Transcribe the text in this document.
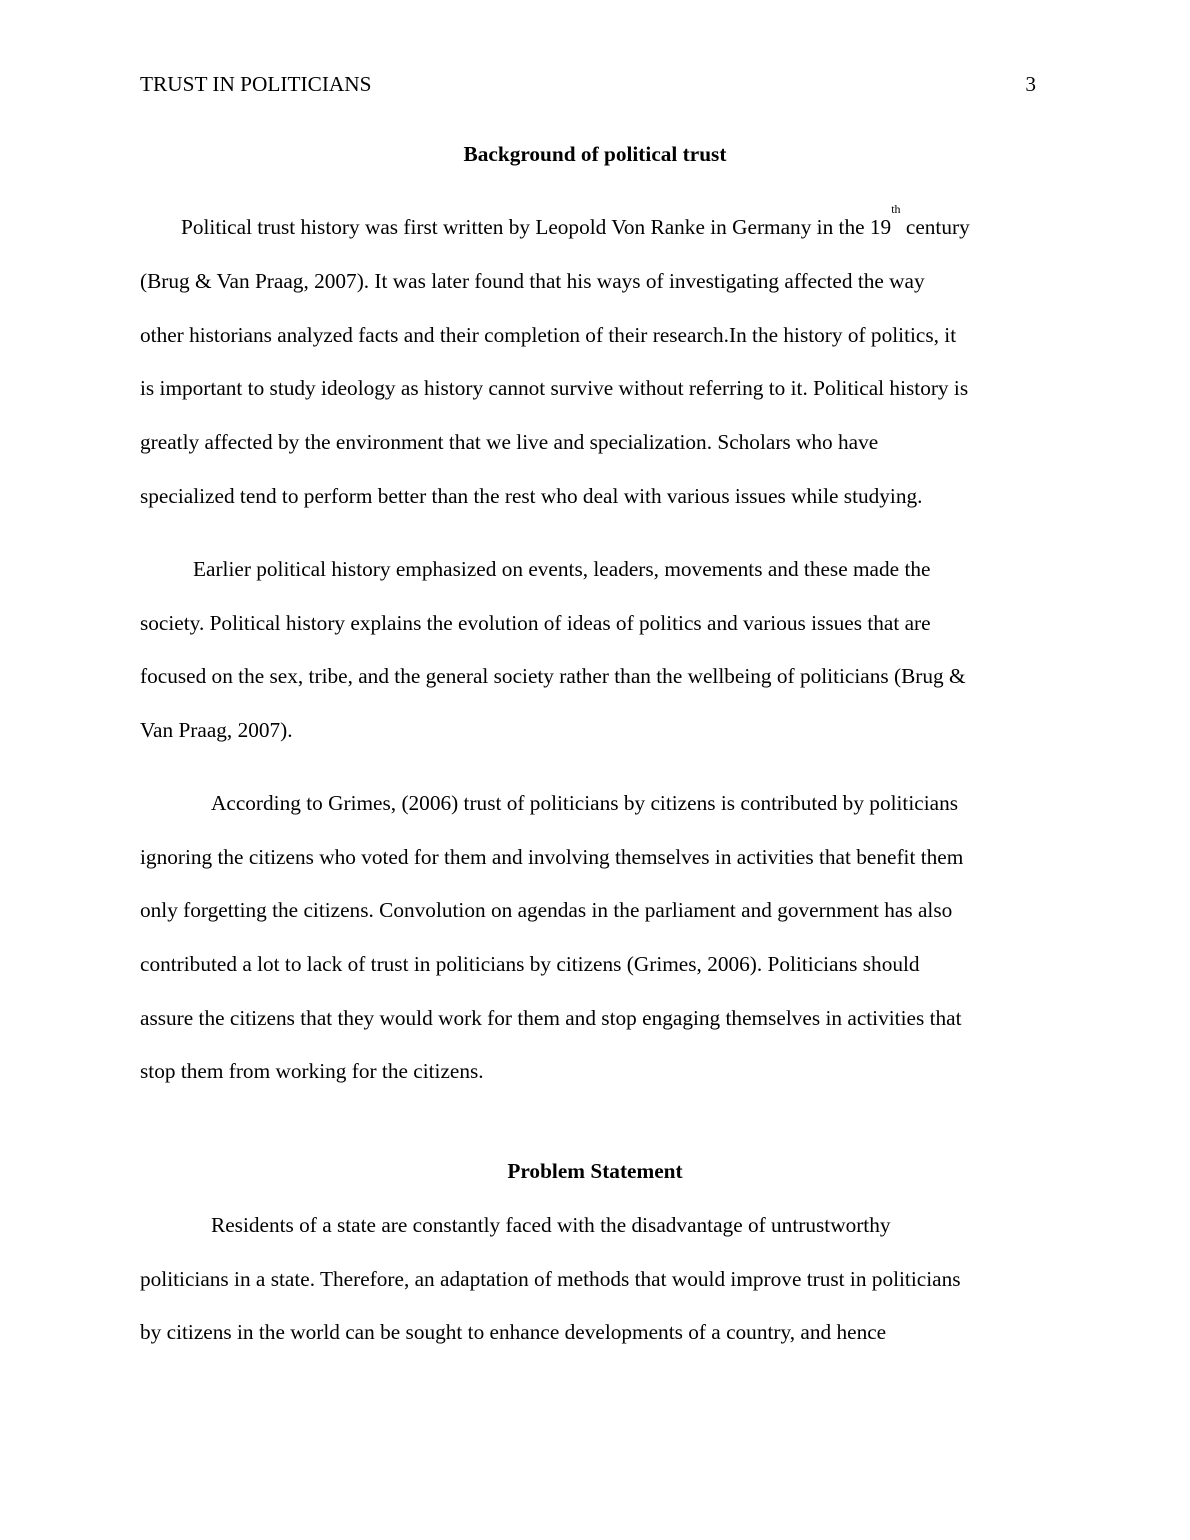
TRUST IN POLITICIANS	3
Background of political trust
Political trust history was first written by Leopold Von Ranke in Germany in the 19th century
(Brug & Van Praag, 2007). It was later found that his ways of investigating affected the way
other historians analyzed facts and their completion of their research.In the history of politics, it
is important to study ideology as history cannot survive without referring to it. Political history is
greatly affected by the environment that we live and specialization. Scholars who have
specialized tend to perform better than the rest who deal with various issues while studying.
Earlier political history emphasized on events, leaders, movements and these made the
society. Political history explains the evolution of ideas of politics and various issues that are
focused on the sex, tribe, and the general society rather than the wellbeing of politicians (Brug &
Van Praag, 2007).
According to Grimes, (2006) trust of politicians by citizens is contributed by politicians
ignoring the citizens who voted for them and involving themselves in activities that benefit them
only forgetting the citizens. Convolution on agendas in the parliament and government has also
contributed a lot to lack of trust in politicians by citizens (Grimes, 2006). Politicians should
assure the citizens that they would work for them and stop engaging themselves in activities that
stop them from working for the citizens.
Problem Statement
Residents of a state are constantly faced with the disadvantage of untrustworthy
politicians in a state. Therefore, an adaptation of methods that would improve trust in politicians
by citizens in the world can be sought to enhance developments of a country, and hence
